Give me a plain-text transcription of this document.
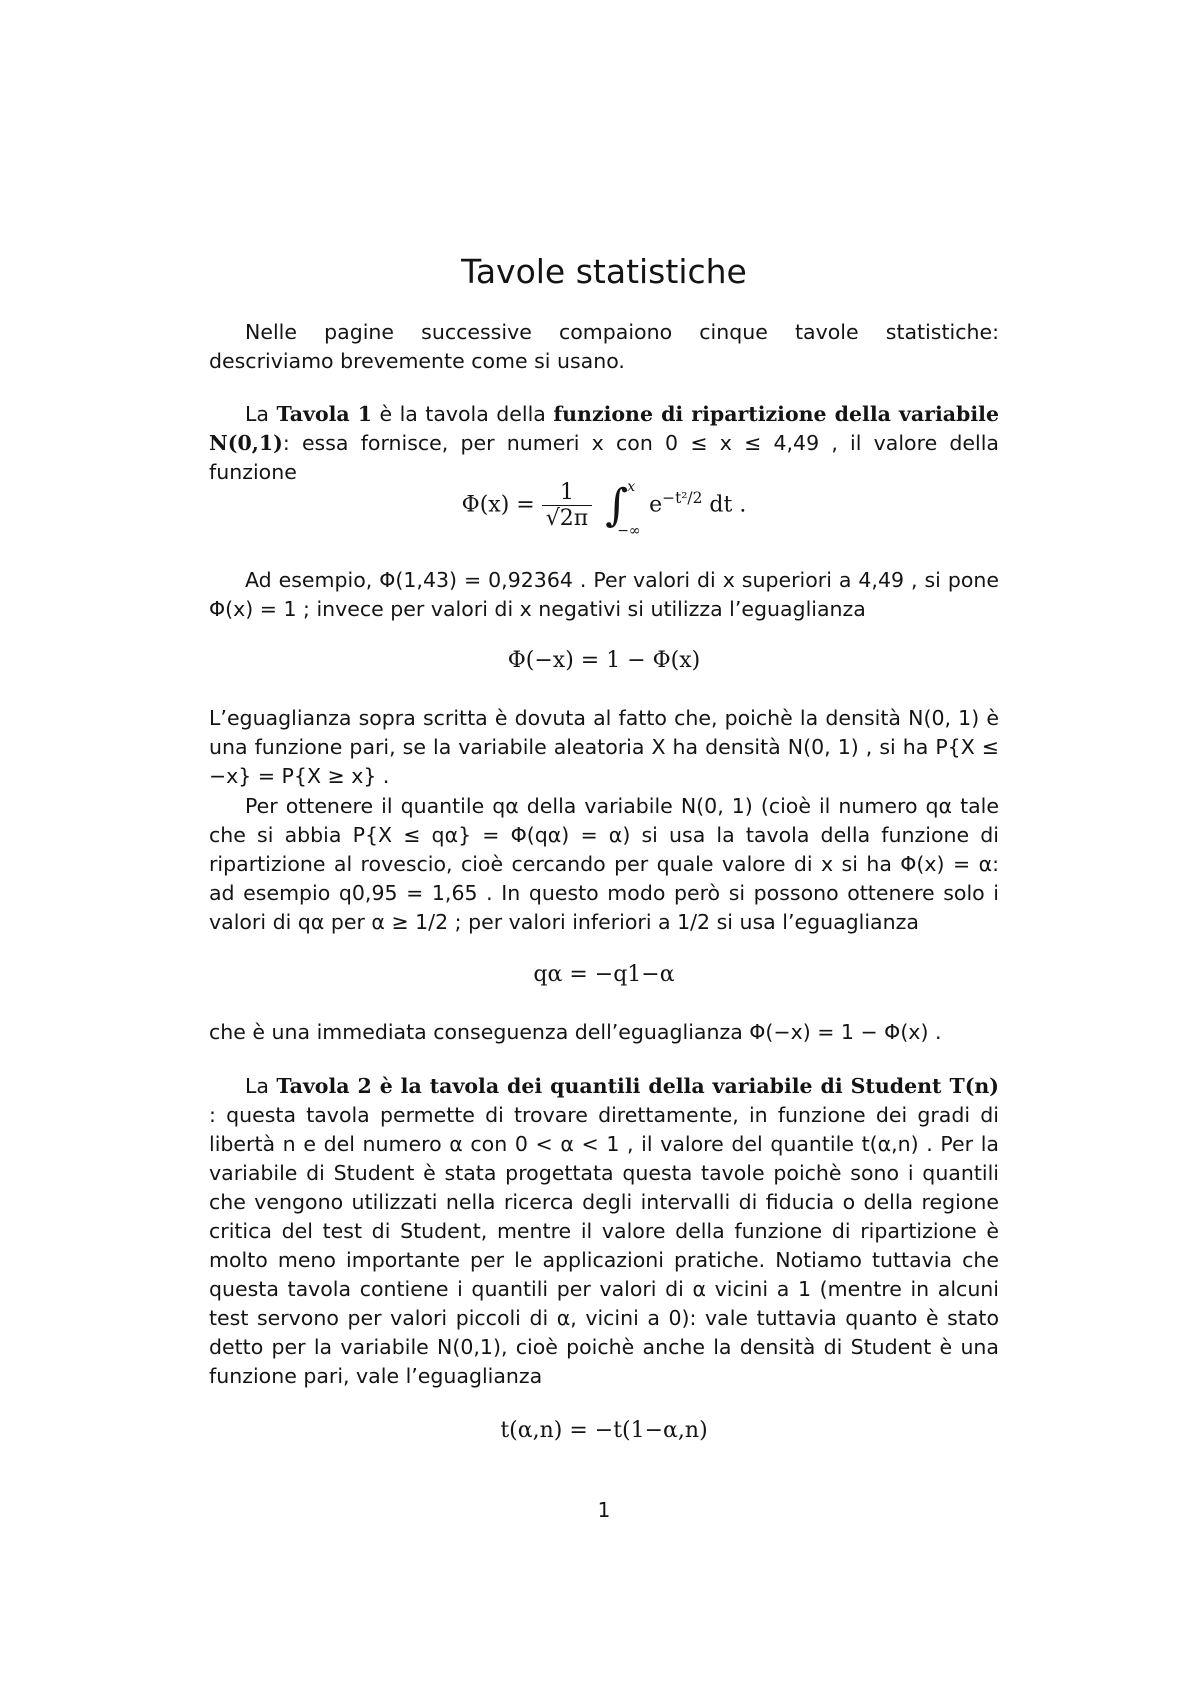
Tavole statistiche

Nelle pagine successive compaiono cinque tavole statistiche: descriviamo brevemente come si usano.

La Tavola 1 è la tavola della funzione di ripartizione della variabile N(0,1): essa fornisce, per numeri x con 0 ≤ x ≤ 4,49 , il valore della funzione

$\Phi(x) = \frac{1}{√2\pi}$ ∫ x
−∞
$e^{-t^2/2}$ dt .

Ad esempio, Φ(1,43) = 0,92364 . Per valori di x superiori a 4,49 , si pone Φ(x) = 1 ; invece per valori di x negativi si utilizza l’eguaglianza

Φ(−x) = 1 − Φ(x)

L’eguaglianza sopra scritta è dovuta al fatto che, poichè la densità N(0, 1) è una funzione pari, se la variabile aleatoria X ha densità N(0, 1) , si ha P{X ≤ −x} = P{X ≥ x} .

Per ottenere il quantile qα della variabile N(0, 1) (cioè il numero qα tale che si abbia P{X ≤ qα} = Φ(qα) = α) si usa la tavola della funzione di ripartizione al rovescio, cioè cercando per quale valore di x si ha Φ(x) = α: ad esempio q0,95 = 1,65 . In questo modo però si possono ottenere solo i valori di qα per α ≥ 1/2 ; per valori inferiori a 1/2 si usa l’eguaglianza

qα = −q1−α

che è una immediata conseguenza dell’eguaglianza Φ(−x) = 1 − Φ(x) .

La Tavola 2 è la tavola dei quantili della variabile di Student T(n) : questa tavola permette di trovare direttamente, in funzione dei gradi di libertà n e del numero α con 0 < α < 1 , il valore del quantile t(α,n) . Per la variabile di Student è stata progettata questa tavole poichè sono i quantili che vengono utilizzati nella ricerca degli intervalli di fiducia o della regione critica del test di Student, mentre il valore della funzione di ripartizione è molto meno importante per le applicazioni pratiche. Notiamo tuttavia che questa tavola contiene i quantili per valori di α vicini a 1 (mentre in alcuni test servono per valori piccoli di α, vicini a 0): vale tuttavia quanto è stato detto per la variabile N(0,1), cioè poichè anche la densità di Student è una funzione pari, vale l’eguaglianza

t(α,n) = −t(1−α,n)
1
